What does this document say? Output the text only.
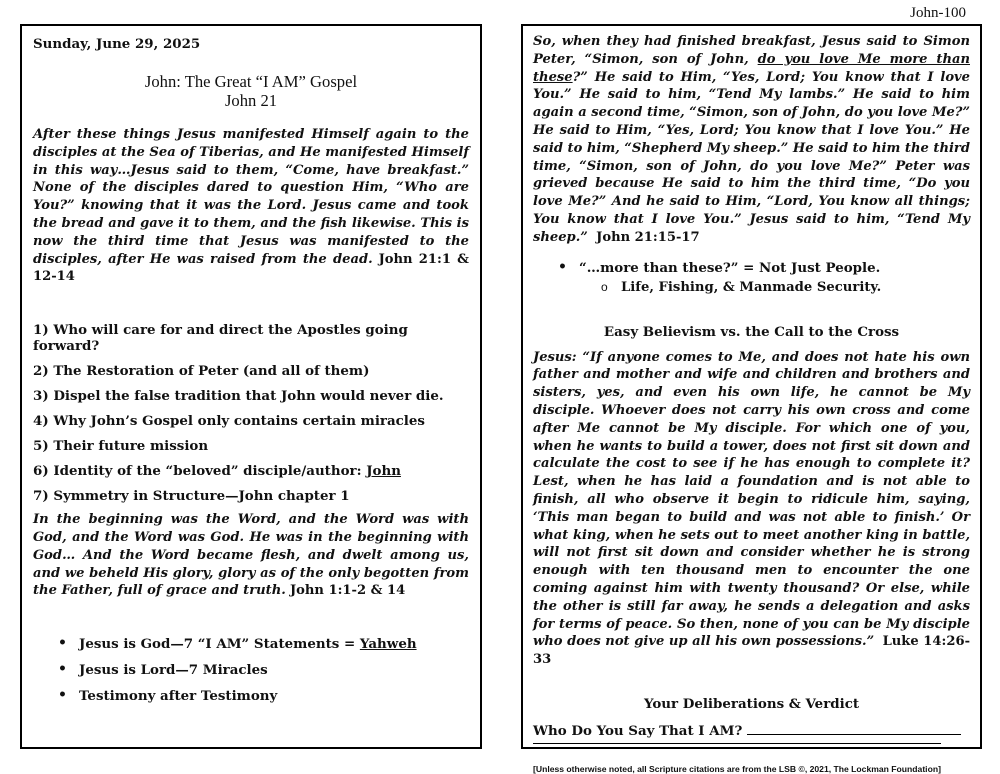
John-100
Sunday, June 29, 2025
John: The Great “I AM” Gospel
John 21
After these things Jesus manifested Himself again to the disciples at the Sea of Tiberias, and He manifested Himself in this way…Jesus said to them, “Come, have breakfast.” None of the disciples dared to question Him, “Who are You?” knowing that it was the Lord. Jesus came and took the bread and gave it to them, and the fish likewise. This is now the third time that Jesus was manifested to the disciples, after He was raised from the dead. John 21:1 & 12-14

1) Who will care for and direct the Apostles going forward?

2) The Restoration of Peter (and all of them)

3) Dispel the false tradition that John would never die.

4) Why John’s Gospel only contains certain miracles

5) Their future mission

6) Identity of the “beloved” disciple/author: John

7) Symmetry in Structure—John chapter 1

In the beginning was the Word, and the Word was with God, and the Word was God. He was in the beginning with God… And the Word became flesh, and dwelt among us, and we beheld His glory, glory as of the only begotten from the Father, full of grace and truth. John 1:1-2 & 14

• Jesus is God—7 “I AM” Statements = Yahweh

• Jesus is Lord—7 Miracles

• Testimony after Testimony

So, when they had finished breakfast, Jesus said to Simon Peter, “Simon, son of John, do you love Me more than these?” He said to Him, “Yes, Lord; You know that I love You.” He said to him, “Tend My lambs.” He said to him again a second time, “Simon, son of John, do you love Me?” He said to Him, “Yes, Lord; You know that I love You.” He said to him, “Shepherd My sheep.” He said to him the third time, “Simon, son of John, do you love Me?” Peter was grieved because He said to him the third time, “Do you love Me?” And he said to Him, “Lord, You know all things; You know that I love You.” Jesus said to him, “Tend My sheep.” John 21:15-17

• “…more than these?” = Not Just People.

o Life, Fishing, & Manmade Security.

Easy Believism vs. the Call to the Cross
Jesus: “If anyone comes to Me, and does not hate his own father and mother and wife and children and brothers and sisters, yes, and even his own life, he cannot be My disciple. Whoever does not carry his own cross and come after Me cannot be My disciple. For which one of you, when he wants to build a tower, does not first sit down and calculate the cost to see if he has enough to complete it? Lest, when he has laid a foundation and is not able to finish, all who observe it begin to ridicule him, saying, ‘This man began to build and was not able to finish.’ Or what king, when he sets out to meet another king in battle, will not first sit down and consider whether he is strong enough with ten thousand men to encounter the one coming against him with twenty thousand? Or else, while the other is still far away, he sends a delegation and asks for terms of peace. So then, none of you can be My disciple who does not give up all his own possessions.” Luke 14:26-33
Your Deliberations & Verdict
Who Do You Say That I AM?
[Unless otherwise noted, all Scripture citations are from the LSB ©, 2021, The Lockman Foundation]
